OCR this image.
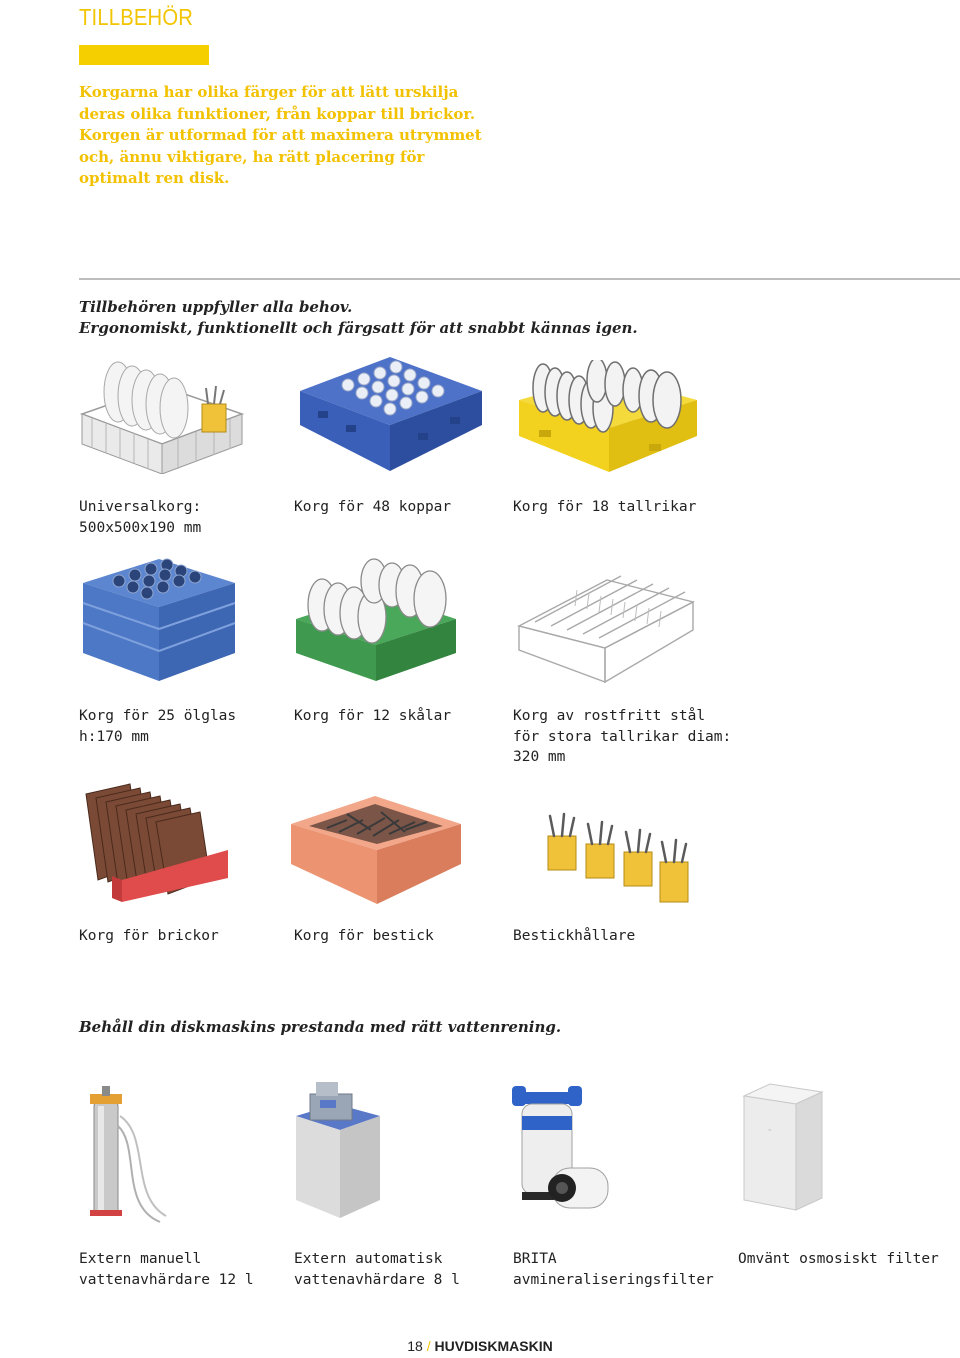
TILLBEHÖR

Korgarna har olika färger för att lätt urskilja deras olika funktioner, från koppar till brickor. Korgen är utformad för att maximera utrymmet och, ännu viktigare, ha rätt placering för optimalt ren disk.

Tillbehören uppfyller alla behov.

Ergonomiskt, funktionellt och färgsatt för att snabbt kännas igen.

Universalkorg:
500x500x190 mm
Korg för 48 koppar	Korg för 18 tallrikar
Korg för 25 ölglas
h:170 mm
Korg för 12 skålar	Korg av rostfritt stål
för stora tallrikar diam:
320 mm
Korg för brickor	Korg för bestick	Bestickhållare

Behåll din diskmaskins prestanda med rätt vattenrening.

~
Extern manuell
vattenavhärdare 12 l
Extern automatisk
vattenavhärdare 8 l
BRITA
avmineraliseringsfilter
Omvänt osmosiskt filter
18 / HUVDISKMASKIN
